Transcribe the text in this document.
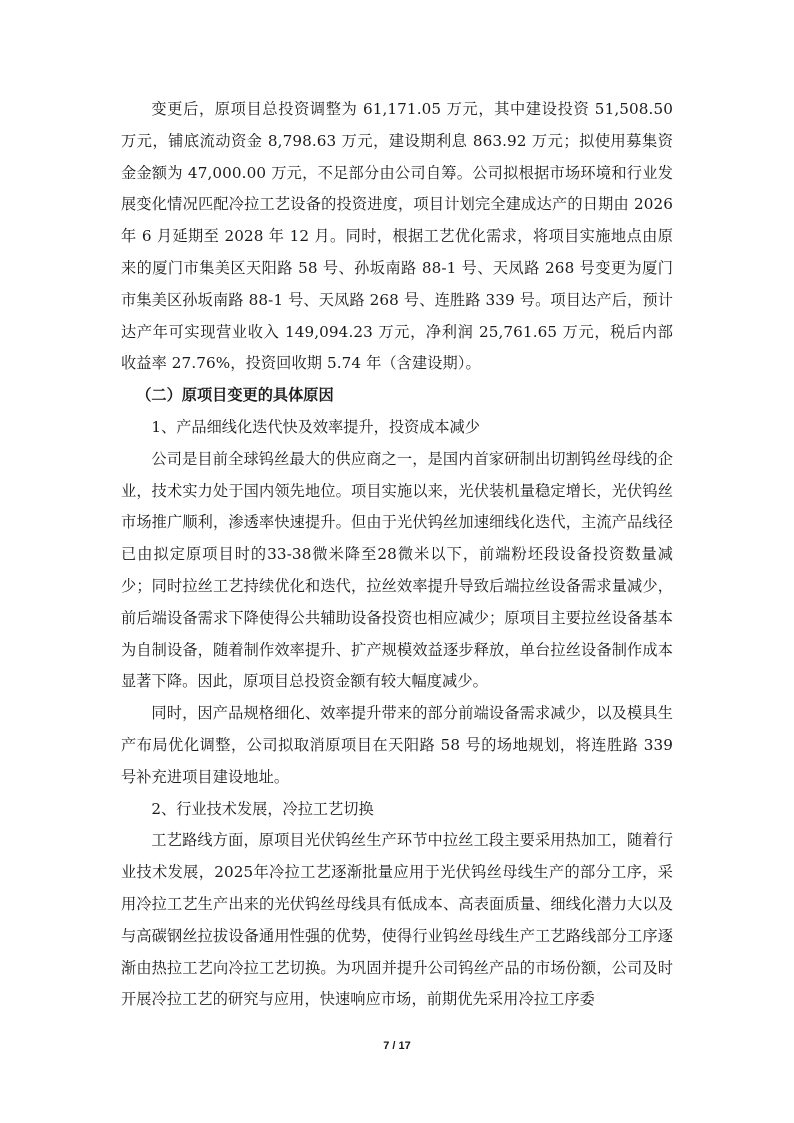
变更后，原项目总投资调整为 61,171.05 万元，其中建设投资 51,508.50 万元，铺底流动资金 8,798.63 万元，建设期利息 863.92 万元；拟使用募集资金金额为 47,000.00 万元，不足部分由公司自筹。公司拟根据市场环境和行业发展变化情况匹配冷拉工艺设备的投资进度，项目计划完全建成达产的日期由 2026 年 6 月延期至 2028 年 12 月。同时，根据工艺优化需求，将项目实施地点由原来的厦门市集美区天阳路 58 号、孙坂南路 88-1 号、天凤路 268 号变更为厦门市集美区孙坂南路 88-1 号、天凤路 268 号、连胜路 339 号。项目达产后，预计达产年可实现营业收入 149,094.23 万元，净利润 25,761.65 万元，税后内部收益率 27.76%，投资回收期 5.74 年（含建设期）。

（二）原项目变更的具体原因

1、产品细线化迭代快及效率提升，投资成本减少

公司是目前全球钨丝最大的供应商之一，是国内首家研制出切割钨丝母线的企业，技术实力处于国内领先地位。项目实施以来，光伏装机量稳定增长，光伏钨丝市场推广顺利，渗透率快速提升。但由于光伏钨丝加速细线化迭代，主流产品线径已由拟定原项目时的33-38微米降至28微米以下，前端粉坯段设备投资数量减少；同时拉丝工艺持续优化和迭代，拉丝效率提升导致后端拉丝设备需求量减少，前后端设备需求下降使得公共辅助设备投资也相应减少；原项目主要拉丝设备基本为自制设备，随着制作效率提升、扩产规模效益逐步释放，单台拉丝设备制作成本显著下降。因此，原项目总投资金额有较大幅度减少。

同时，因产品规格细化、效率提升带来的部分前端设备需求减少，以及模具生产布局优化调整，公司拟取消原项目在天阳路 58 号的场地规划，将连胜路 339 号补充进项目建设地址。

2、行业技术发展，冷拉工艺切换

工艺路线方面，原项目光伏钨丝生产环节中拉丝工段主要采用热加工，随着行业技术发展，2025年冷拉工艺逐渐批量应用于光伏钨丝母线生产的部分工序，采用冷拉工艺生产出来的光伏钨丝母线具有低成本、高表面质量、细线化潜力大以及与高碳钢丝拉拔设备通用性强的优势，使得行业钨丝母线生产工艺路线部分工序逐渐由热拉工艺向冷拉工艺切换。为巩固并提升公司钨丝产品的市场份额，公司及时开展冷拉工艺的研究与应用，快速响应市场，前期优先采用冷拉工序委

7 / 17
